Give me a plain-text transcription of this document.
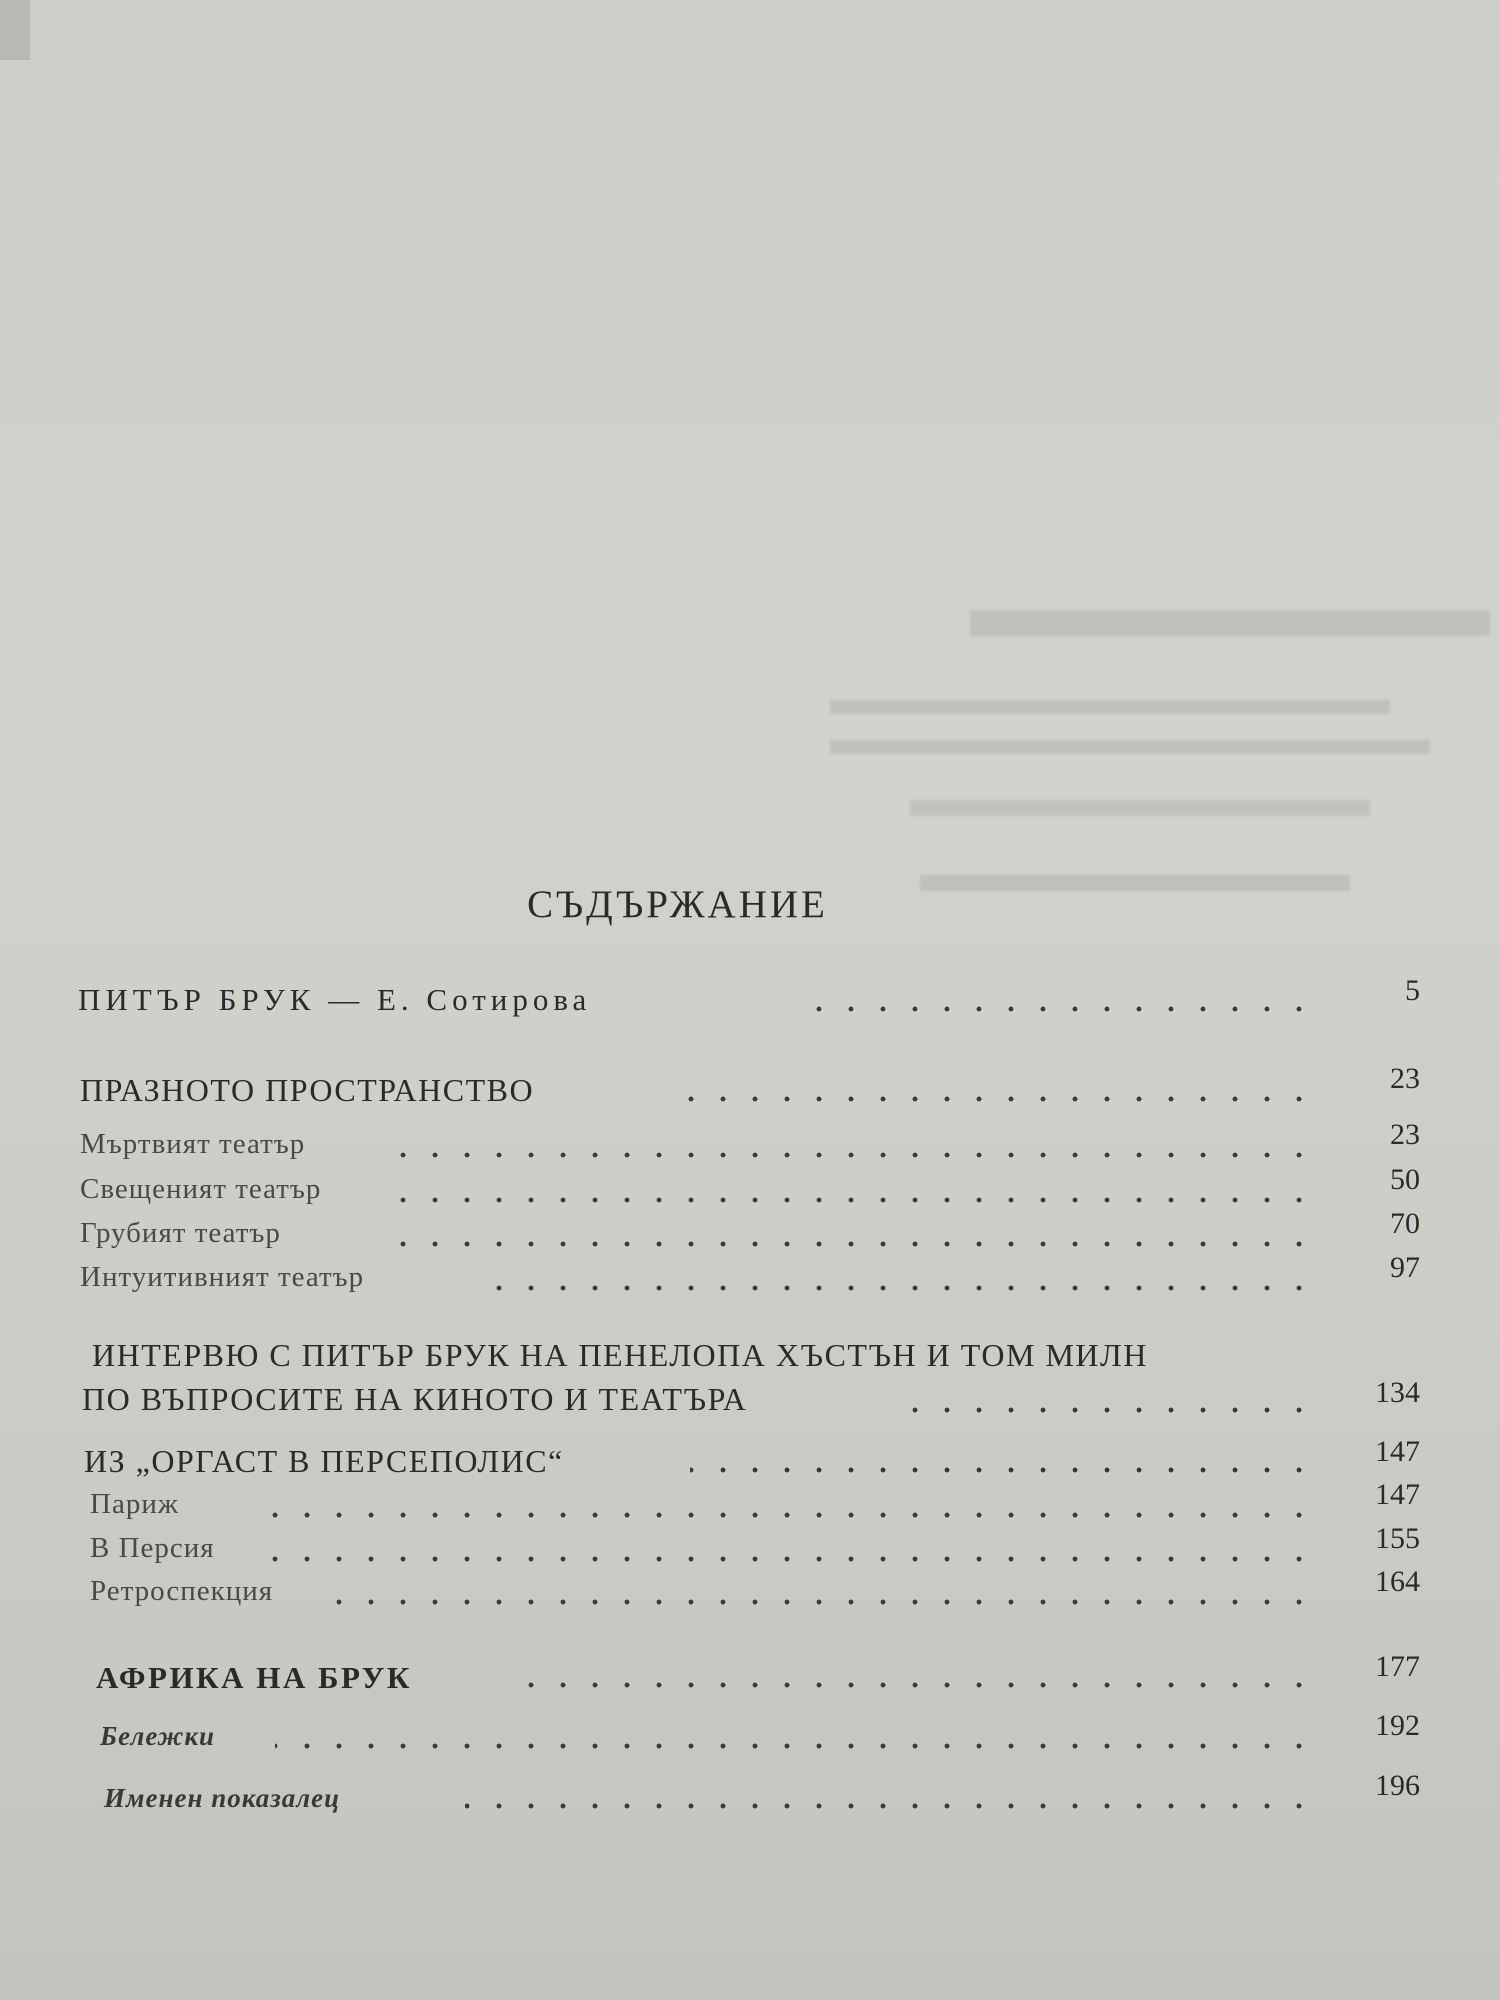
СЪДЪРЖАНИЕ
ПИТЪР БРУК — Е. Сотирова	5
ПРАЗНОТО ПРОСТРАНСТВО	23
Мъртвият театър	23
Свещеният театър	50
Грубият театър	70
Интуитивният театър	97
ИНТЕРВЮ С ПИТЪР БРУК НА ПЕНЕЛОПА ХЪСТЪН И ТОМ МИЛН
ПО ВЪПРОСИТЕ НА КИНОТО И ТЕАТЪРА	134
ИЗ „ОРГАСТ В ПЕРСЕПОЛИС“	147
Париж	147
В Персия	155
Ретроспекция	164
АФРИКА НА БРУК	177
Бележки	192
Именен показалец	196
